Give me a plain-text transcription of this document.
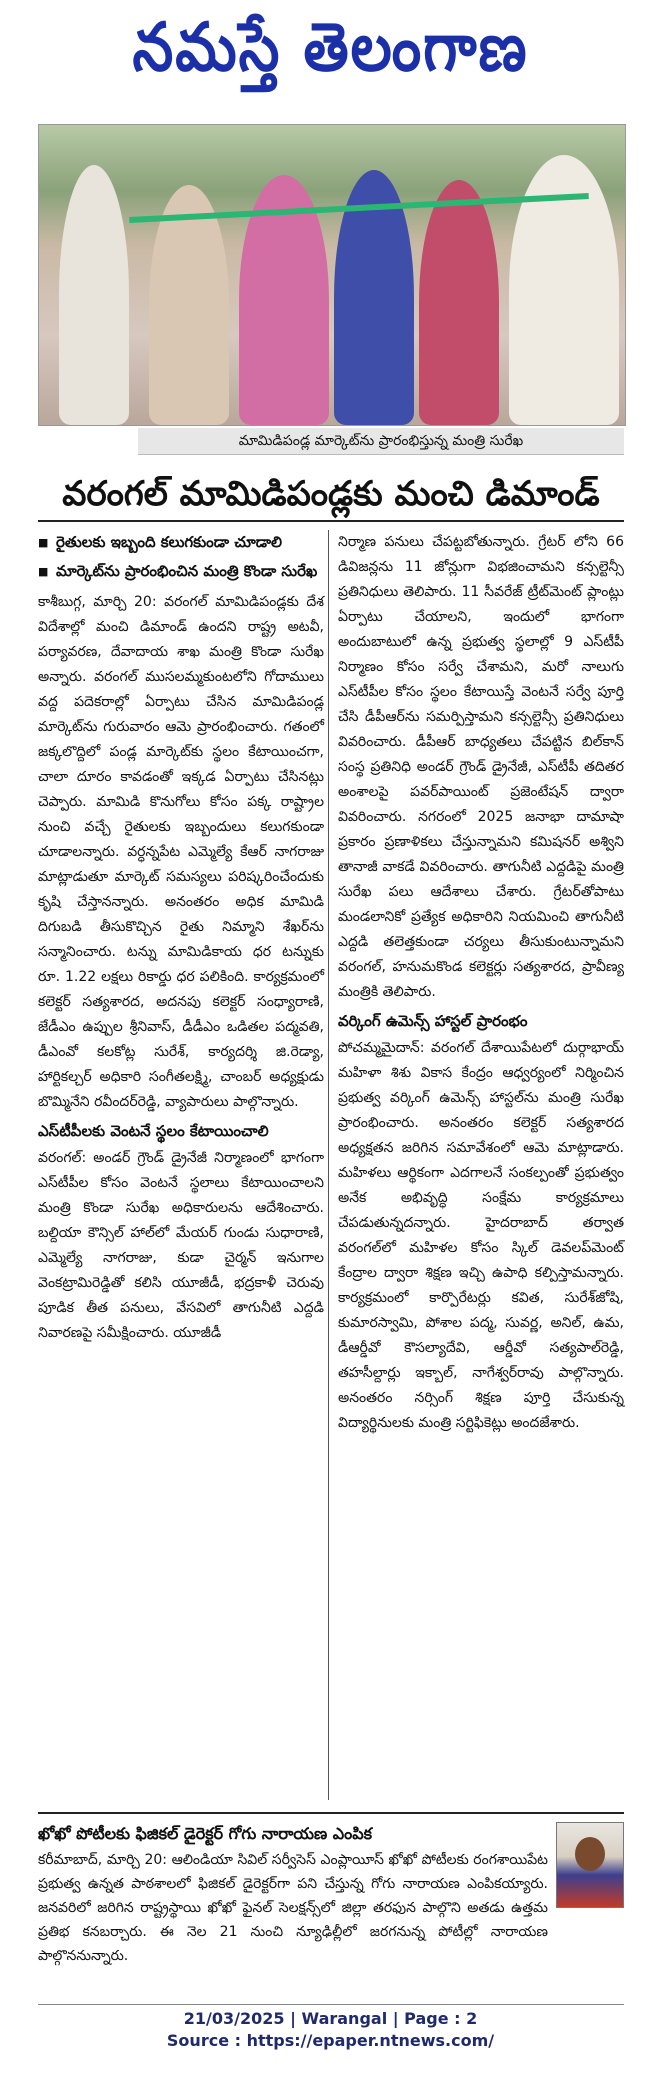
నమస్తే తెలంగాణ
మామిడిపండ్ల మార్కెట్‌ను ప్రారంభిస్తున్న మంత్రి సురేఖ
వరంగల్ మామిడిపండ్లకు మంచి డిమాండ్
■ రైతులకు ఇబ్బంది కలుగకుండా చూడాలి
■ మార్కెట్‌ను ప్రారంభించిన మంత్రి కొండా సురేఖ

కాశీబుగ్గ, మార్చి 20: వరంగల్ మామిడిపండ్లకు దేశ విదేశాల్లో మంచి డిమాండ్ ఉందని రాష్ట్ర అటవీ, పర్యావరణ, దేవాదాయ శాఖ మంత్రి కొండా సురేఖ అన్నారు. వరంగల్ ముసలమ్మకుంటలోని గోదాములు వద్ద పదెకరాల్లో ఏర్పాటు చేసిన మామిడిపండ్ల మార్కెట్‌ను గురువారం ఆమె ప్రారంభించారు. గతంలో జక్కలొద్దిలో పండ్ల మార్కెట్‌కు స్థలం కేటాయించగా, చాలా దూరం కావడంతో ఇక్కడ ఏర్పాటు చేసినట్లు చెప్పారు. మామిడి కొనుగోలు కోసం పక్క రాష్ట్రాల నుంచి వచ్చే రైతులకు ఇబ్బందులు కలుగకుండా చూడాలన్నారు. వర్ధన్నపేట ఎమ్మెల్యే కేఆర్ నాగరాజు మాట్లాడుతూ మార్కెట్ సమస్యలు పరిష్కరించేందుకు కృషి చేస్తానన్నారు. అనంతరం అధిక మామిడి దిగుబడి తీసుకొచ్చిన రైతు నిమ్మాని శేఖర్‌ను సన్మానించారు. టన్ను మామిడికాయ ధర టన్నుకు రూ. 1.22 లక్షలు రికార్డు ధర పలికింది. కార్యక్రమంలో కలెక్టర్ సత్యశారద, అదనపు కలెక్టర్ సంధ్యారాణి, జేడీఎం ఉప్పుల శ్రీనివాస్, డీడీఎం ఒడితల పద్మవతి, డీఎంవో కలకోట్ల సురేశ్, కార్యదర్శి జి.రెడ్యా, హార్టికల్చర్ అధికారి సంగీతలక్ష్మి, చాంబర్ అధ్యక్షుడు బొమ్మినేని రవీందర్‌రెడ్డి, వ్యాపారులు పాల్గొన్నారు.

ఎస్‌టీపీలకు వెంటనే స్థలం కేటాయించాలి

వరంగల్: అండర్ గ్రౌండ్ డ్రైనేజీ నిర్మాణంలో భాగంగా ఎస్‌టీపీల కోసం వెంటనే స్థలాలు కేటాయించాలని మంత్రి కొండా సురేఖ అధికారులను ఆదేశించారు. బల్దియా కౌన్సిల్ హాల్‌లో మేయర్ గుండు సుధారాణి, ఎమ్మెల్యే నాగరాజు, కుడా చైర్మన్ ఇనుగాల వెంకట్రామిరెడ్డితో కలిసి యూజీడీ, భద్రకాళీ చెరువు పూడిక తీత పనులు, వేసవిలో తాగునీటి ఎద్దడి నివారణపై సమీక్షించారు. యూజీడీ

నిర్మాణ పనులు చేపట్టబోతున్నారు. గ్రేటర్ లోని 66 డివిజన్లను 11 జోన్లుగా విభజించామని కన్సల్టెన్సీ ప్రతినిధులు తెలిపారు. 11 సీవరేజ్ ట్రీట్‌మెంట్ ప్లాంట్లు ఏర్పాటు చేయాలని, ఇందులో భాగంగా అందుబాటులో ఉన్న ప్రభుత్వ స్థలాల్లో 9 ఎస్‌టీపీ నిర్మాణం కోసం సర్వే చేశామని, మరో నాలుగు ఎస్‌టీపీల కోసం స్థలం కేటాయిస్తే వెంటనే సర్వే పూర్తి చేసి డీపీఆర్‌ను సమర్పిస్తామని కన్సల్టెన్సీ ప్రతినిధులు వివరించారు. డీపీఆర్ బాధ్యతలు చేపట్టిన బిల్‌కాన్ సంస్థ ప్రతినిధి అండర్ గ్రౌండ్ డ్రైనేజీ, ఎస్‌టీపీ తదితర అంశాలపై పవర్‌పాయింట్ ప్రజెంటేషన్ ద్వారా వివరించారు. నగరంలో 2025 జనాభా దామాషా ప్రకారం ప్రణాళికలు చేస్తున్నామని కమిషనర్ అశ్విని తానాజీ వాకడే వివరించారు. తాగునీటి ఎద్దడిపై మంత్రి సురేఖ పలు ఆదేశాలు చేశారు. గ్రేటర్‌తోపాటు మండలానికో ప్రత్యేక అధికారిని నియమించి తాగునీటి ఎద్దడి తలెత్తకుండా చర్యలు తీసుకుంటున్నామని వరంగల్, హనుమకొండ కలెక్టర్లు సత్యశారద, ప్రావీణ్య మంత్రికి తెలిపారు.

వర్కింగ్ ఉమెన్స్ హాస్టల్ ప్రారంభం

పోచమ్మమైదాన్: వరంగల్ దేశాయిపేటలో దుర్గాభాయ్ మహిళా శిశు వికాస కేంద్రం ఆధ్వర్యంలో నిర్మించిన ప్రభుత్వ వర్కింగ్ ఉమెన్స్ హాస్టల్‌ను మంత్రి సురేఖ ప్రారంభించారు. అనంతరం కలెక్టర్ సత్యశారద అధ్యక్షతన జరిగిన సమావేశంలో ఆమె మాట్లాడారు. మహిళలు ఆర్థికంగా ఎదగాలనే సంకల్పంతో ప్రభుత్వం అనేక అభివృద్ధి సంక్షేమ కార్యక్రమాలు చేపడుతున్నదన్నారు. హైదరాబాద్ తర్వాత వరంగల్‌లో మహిళల కోసం స్కిల్ డెవలప్‌మెంట్ కేంద్రాల ద్వారా శిక్షణ ఇచ్చి ఉపాధి కల్పిస్తామన్నారు. కార్యక్రమంలో కార్పొరేటర్లు కవిత, సురేశ్‌జోషి, కుమారస్వామి, పోశాల పద్మ, సువర్ణ, అనిల్, ఉమ, డీఆర్డీవో కౌసల్యాదేవి, ఆర్డీవో సత్యపాల్‌రెడ్డి, తహసీల్దార్లు ఇక్బాల్, నాగేశ్వర్‌రావు పాల్గొన్నారు. అనంతరం నర్సింగ్ శిక్షణ పూర్తి చేసుకున్న విద్యార్థినులకు మంత్రి సర్టిఫికెట్లు అందజేశారు.

ఖోఖో పోటీలకు ఫిజికల్ డైరెక్టర్ గోగు నారాయణ ఎంపిక
కరీమాబాద్, మార్చి 20: ఆలిండియా సివిల్ సర్వీసెస్ ఎంప్లాయీస్ ఖోఖో పోటీలకు రంగశాయిపేట ప్రభుత్వ ఉన్నత పాఠశాలలో ఫిజికల్ డైరెక్టర్‌గా పని చేస్తున్న గోగు నారాయణ ఎంపికయ్యారు. జనవరిలో జరిగిన రాష్ట్రస్థాయి ఖోఖో ఫైనల్ సెలక్షన్స్‌లో జిల్లా తరఫున పాల్గొని అతడు ఉత్తమ ప్రతిభ కనబర్చారు. ఈ నెల 21 నుంచి న్యూఢిల్లీలో జరగనున్న పోటీల్లో నారాయణ పాల్గొననున్నారు.
21/03/2025 | Warangal | Page : 2
Source : https://epaper.ntnews.com/
